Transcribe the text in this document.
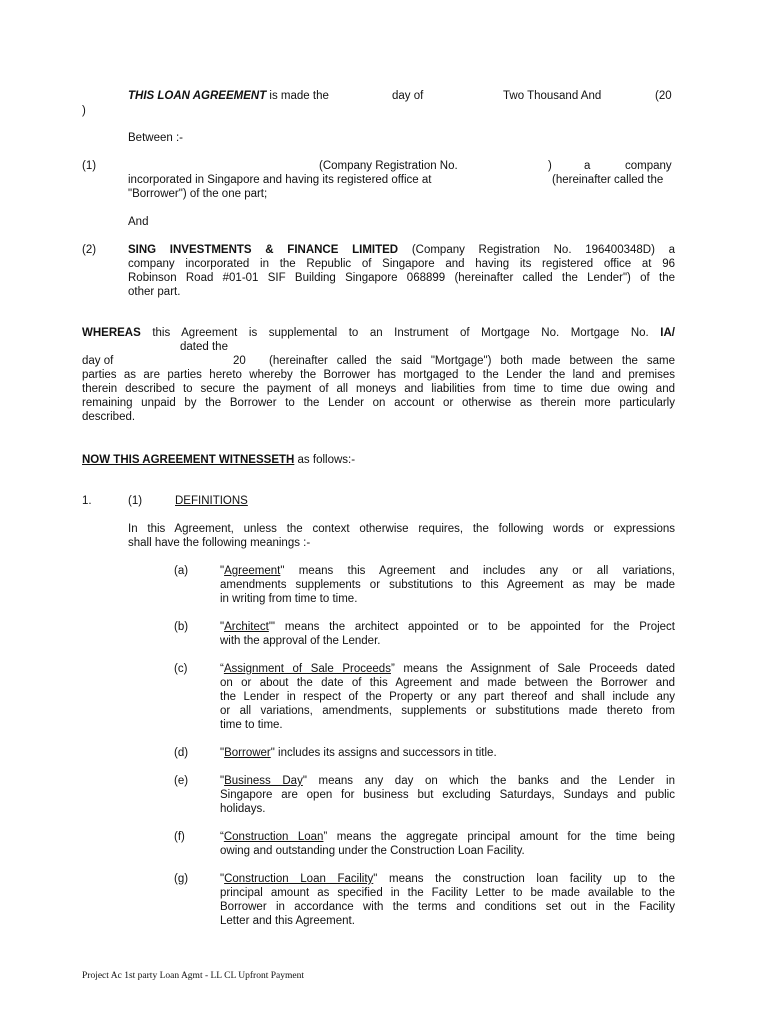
THIS LOAN AGREEMENT is made the	day of	Two Thousand And	(20
)
Between :-
(1)	(Company Registration No.	)	a	company
incorporated in Singapore and having its registered office at	(hereinafter called the
"Borrower") of the one part;
And
(2)	SING INVESTMENTS & FINANCE LIMITED (Company Registration No. 196400348D) a
company incorporated in the Republic of Singapore and having its registered office at 96
Robinson Road #01-01 SIF Building Singapore 068899 (hereinafter called the Lender") of the
other part.
WHEREAS this Agreement is supplemental to an Instrument of Mortgage No. Mortgage No. IA/
dated the
day of	20 (hereinafter called the said "Mortgage") both made between the same
parties as are parties hereto whereby the Borrower has mortgaged to the Lender the land and premises
therein described to secure the payment of all moneys and liabilities from time to time due owing and
remaining unpaid by the Borrower to the Lender on account or otherwise as therein more particularly
described.
NOW THIS AGREEMENT WITNESSETH as follows:-
1.	(1)	DEFINITIONS
In this Agreement, unless the context otherwise requires, the following words or expressions
shall have the following meanings :-
(a)	"Agreement" means this Agreement and includes any or all variations,
amendments supplements or substitutions to this Agreement as may be made
in writing from time to time.
(b)	"Architect"' means the architect appointed or to be appointed for the Project
with the approval of the Lender.
(c)	“Assignment of Sale Proceeds” means the Assignment of Sale Proceeds dated
on or about the date of this Agreement and made between the Borrower and
the Lender in respect of the Property or any part thereof and shall include any
or all variations, amendments, supplements or substitutions made thereto from
time to time.
(d)	"Borrower" includes its assigns and successors in title.
(e)	"Business Day" means any day on which the banks and the Lender in
Singapore are open for business but excluding Saturdays, Sundays and public
holidays.
(f)	“Construction Loan” means the aggregate principal amount for the time being
owing and outstanding under the Construction Loan Facility.
(g)	"Construction Loan Facility" means the construction loan facility up to the
principal amount as specified in the Facility Letter to be made available to the
Borrower in accordance with the terms and conditions set out in the Facility
Letter and this Agreement.
Project Ac 1st party Loan Agmt - LL CL Upfront Payment
